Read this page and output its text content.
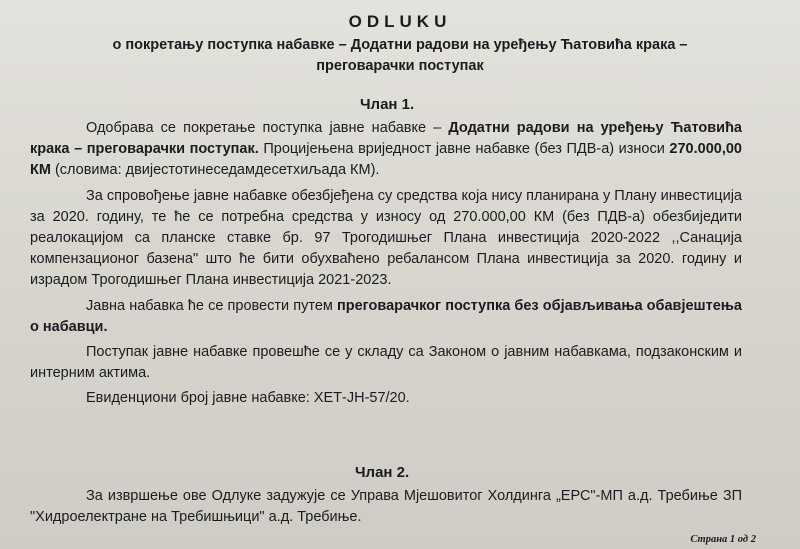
ODLUKU
о покретању поступка набавке – Додатни радови на уређењу Ћатовића крака –
преговарачки поступак
Члан 1.
Одобрава се покретање поступка јавне набавке – Додатни радови на уређењу Ћатовића крака – преговарачки поступак. Процијењена вриједност јавне набавке (без ПДВ-а) износи 270.000,00 КМ (словима: двијестотинеседамдесетхиљада КМ).
За спровођење јавне набавке обезбјеђена су средства која нису планирана у Плану инвестиција за 2020. годину, те ће се потребна средства у износу од 270.000,00 КМ (без ПДВ-а) обезбиједити реалокацијом са планске ставке бр. 97 Трогодишњег Плана инвестиција 2020-2022 ,,Санација компензационог базена" што ће бити обухваћено ребалансом Плана инвестиција за 2020. годину и израдом Трогодишњег Плана инвестиција 2021-2023.
Јавна набавка ће се провести путем преговарачког поступка без објављивања обавјештења о набавци.
Поступак јавне набавке провешће се у складу са Законом о јавним набавкама, подзаконским и интерним актима.
Евиденциони број јавне набавке: ХЕТ-ЈН-57/20.
Члан 2.
За извршење ове Одлуке задужује се Управа Мјешовитог Холдинга „ЕРС"-МП а.д. Требиње ЗП "Хидроелектране на Требишњици" а.д. Требиње.
Страна 1 од 2
